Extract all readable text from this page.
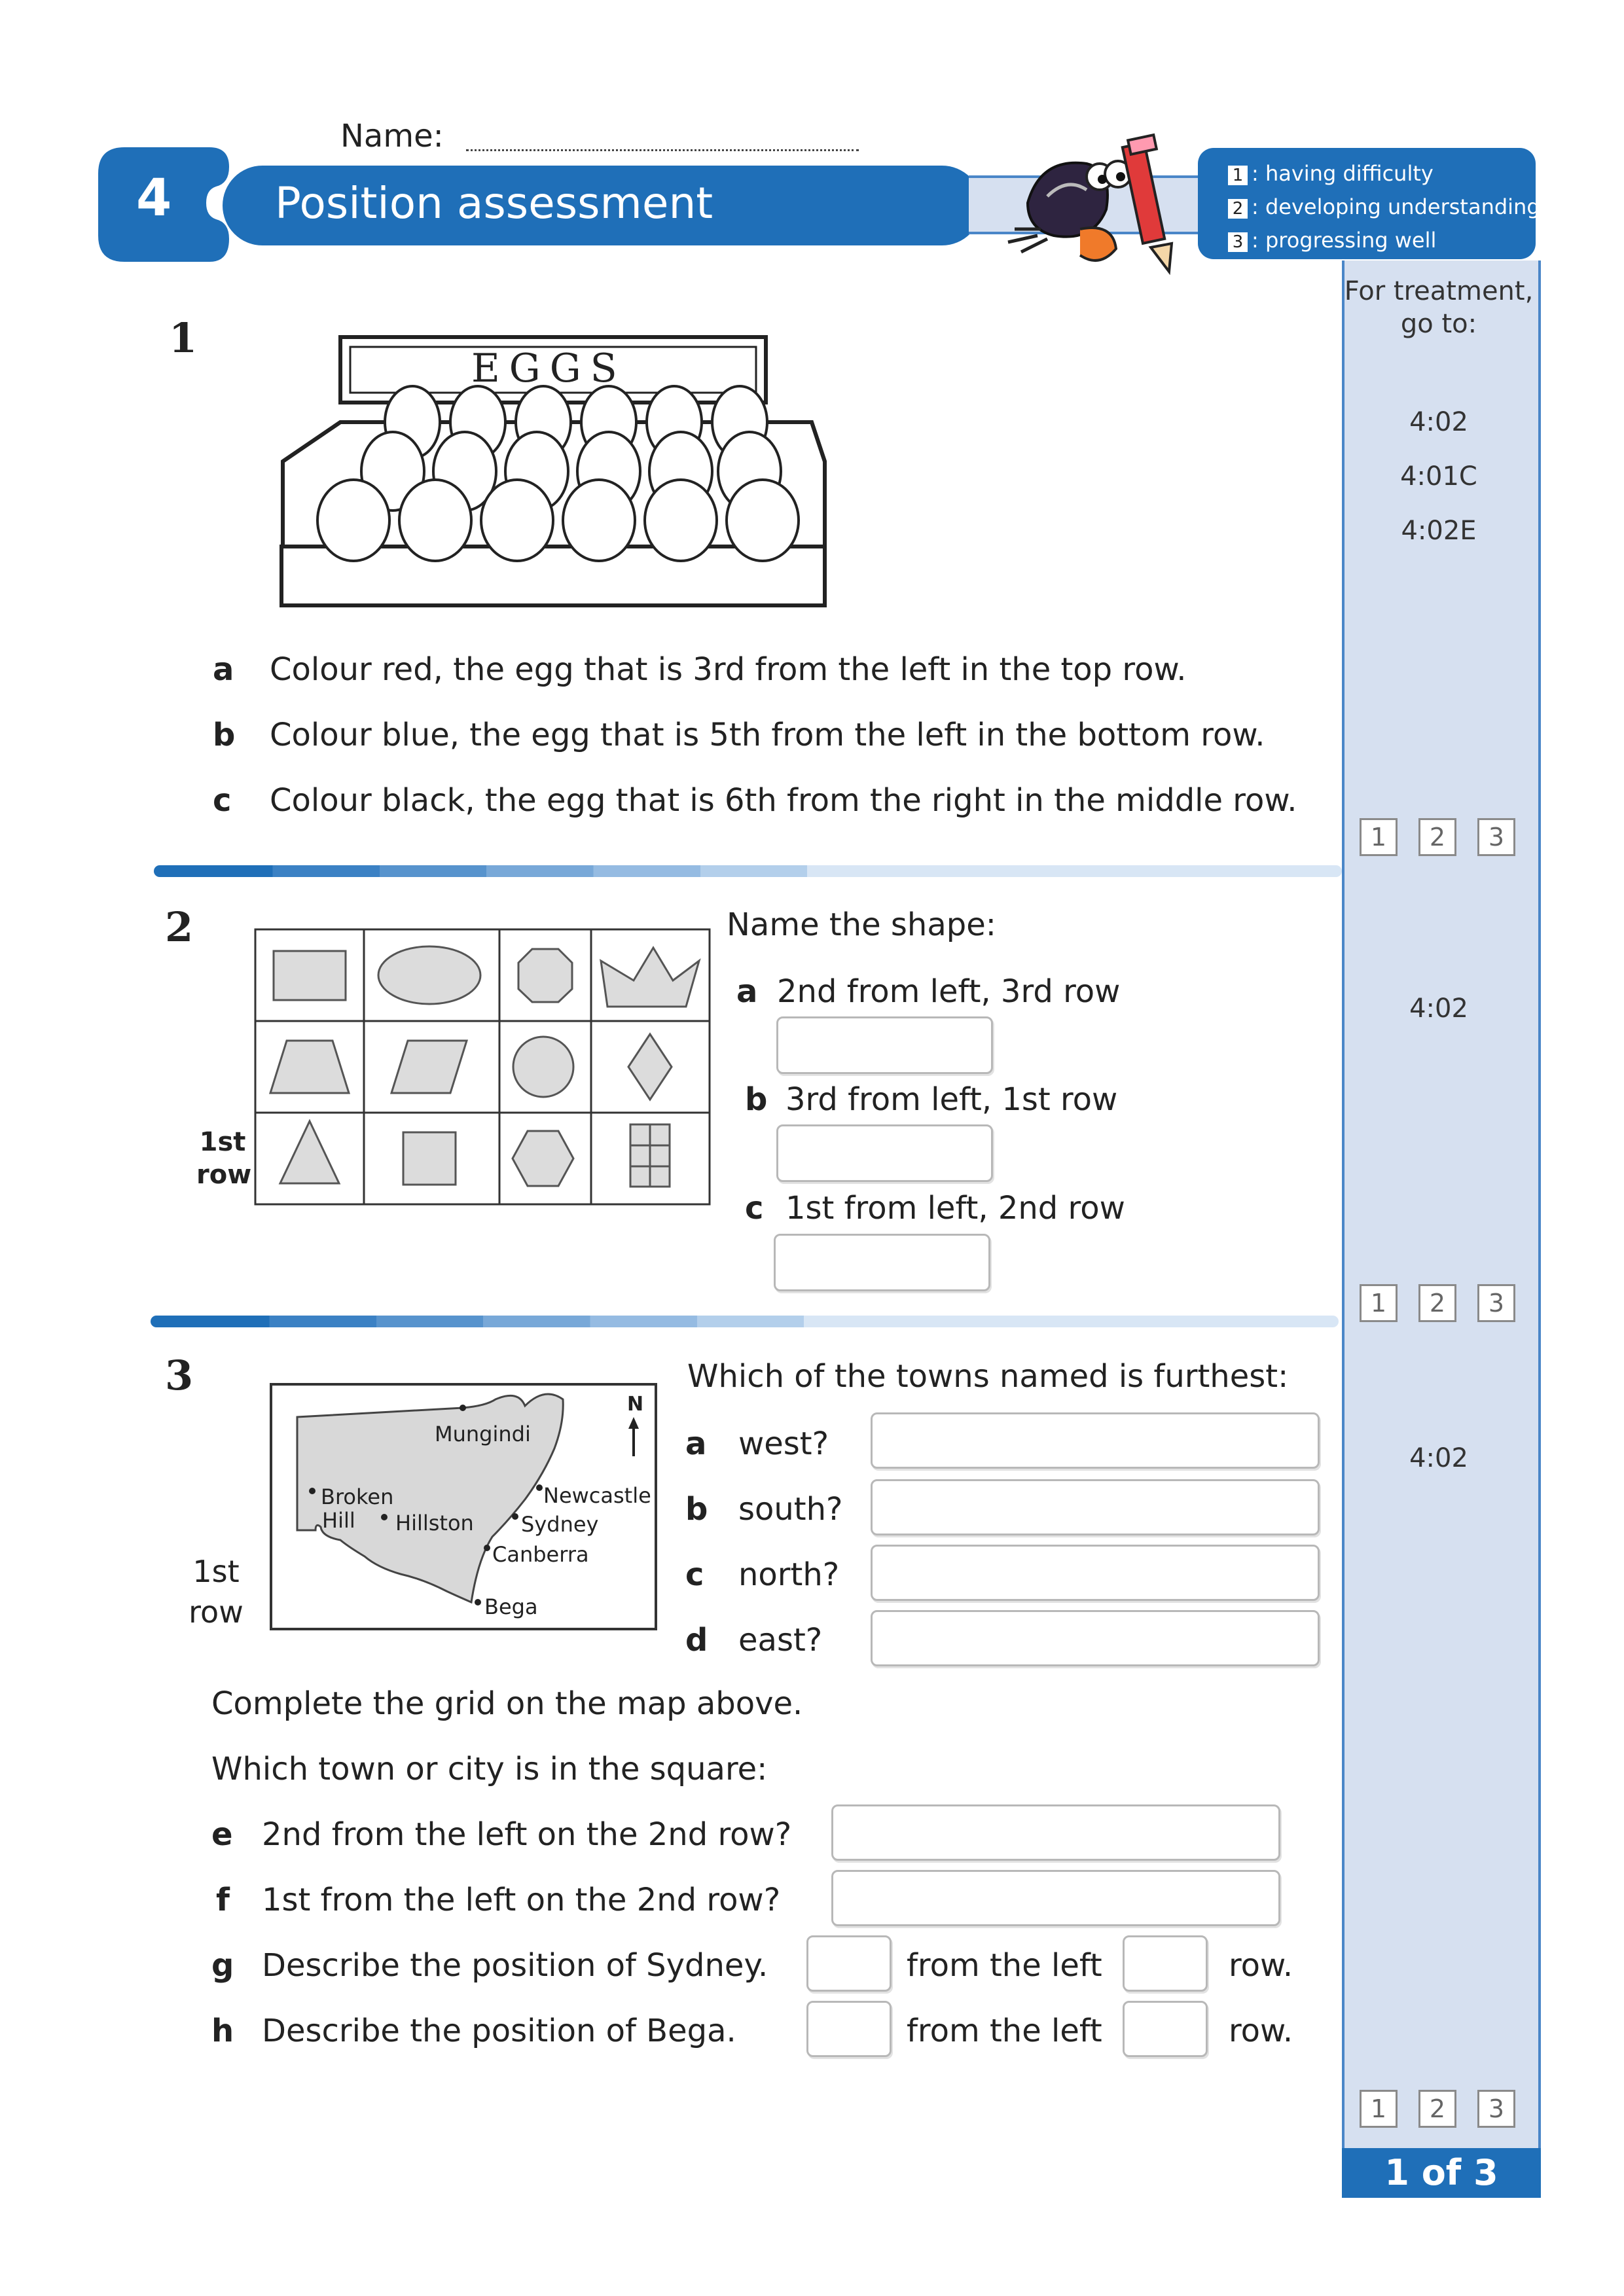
Name:
4 Position assessment
1 : having difficulty
2 : developing understanding
3 : progressing well
For treatment,
go to:
4:02
4:01C
4:02E
4:02
4:02
1	2	3
1	2	3
1	2	3
1 of 3
1
EGGS
a Colour red, the egg that is 3rd from the left in the top row.
b Colour blue, the egg that is 5th from the left in the bottom row.
c Colour black, the egg that is 6th from the right in the middle row.
2
1st
row
Name the shape:
a 2nd from left, 3rd row
b 3rd from left, 1st row
c 1st from left, 2nd row
3
N
Mungindi
Broken
Hill Hillston
Newcastle
Sydney
Canberra
Bega
1st
row
Which of the towns named is furthest:
a west?
b south?
c north?
d east?
Complete the grid on the map above.
Which town or city is in the square:
e 2nd from the left on the 2nd row?
f 1st from the left on the 2nd row?
g Describe the position of Sydney.	from the left	row.
h Describe the position of Bega.	from the left	row.
